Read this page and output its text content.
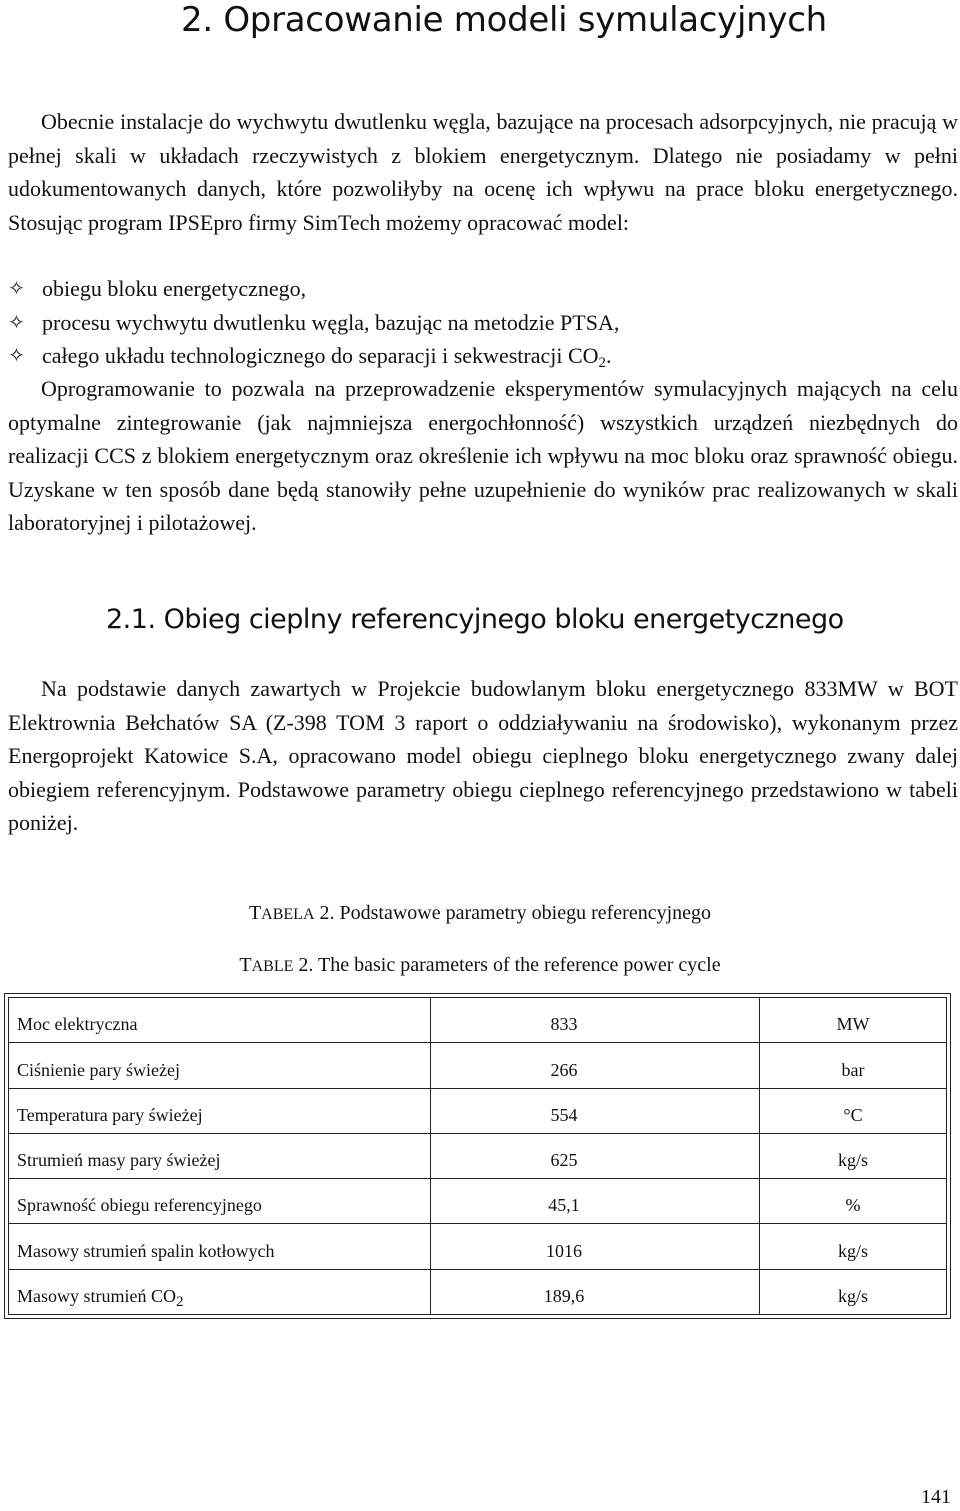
2. Opracowanie modeli symulacyjnych

Obecnie instalacje do wychwytu dwutlenku węgla, bazujące na procesach adsorpcyjnych, nie pracują w pełnej skali w układach rzeczywistych z blokiem energetycznym. Dlatego nie posiadamy w pełni udokumentowanych danych, które pozwoliłyby na ocenę ich wpływu na prace bloku energetycznego. Stosując program IPSEpro firmy SimTech możemy opracować model:

✧ obiegu bloku energetycznego,
✧ procesu wychwytu dwutlenku węgla, bazując na metodzie PTSA,
✧ całego układu technologicznego do separacji i sekwestracji $CO_2$.

Oprogramowanie to pozwala na przeprowadzenie eksperymentów symulacyjnych mających na celu optymalne zintegrowanie (jak najmniejsza energochłonność) wszystkich urządzeń niezbędnych do realizacji CCS z blokiem energetycznym oraz określenie ich wpływu na moc bloku oraz sprawność obiegu. Uzyskane w ten sposób dane będą stanowiły pełne uzupełnienie do wyników prac realizowanych w skali laboratoryjnej i pilotażowej.

2.1. Obieg cieplny referencyjnego bloku energetycznego

Na podstawie danych zawartych w Projekcie budowlanym bloku energetycznego 833MW w BOT Elektrownia Bełchatów SA (Z-398 TOM 3 raport o oddziaływaniu na środowisko), wykonanym przez Energoprojekt Katowice S.A, opracowano model obiegu cieplnego bloku energetycznego zwany dalej obiegiem referencyjnym. Podstawowe parametry obiegu cieplnego referencyjnego przedstawiono w tabeli poniżej.

TABELA 2. Podstawowe parametry obiegu referencyjnego

TABLE 2. The basic parameters of the reference power cycle

Moc elektryczna	833	MW
Ciśnienie pary świeżej	266	bar
Temperatura pary świeżej	554	°C
Strumień masy pary świeżej	625	kg/s
Sprawność obiegu referencyjnego	45,1	%
Masowy strumień spalin kotłowych	1016	kg/s
Masowy strumień $CO_2$	189,6	kg/s

141
